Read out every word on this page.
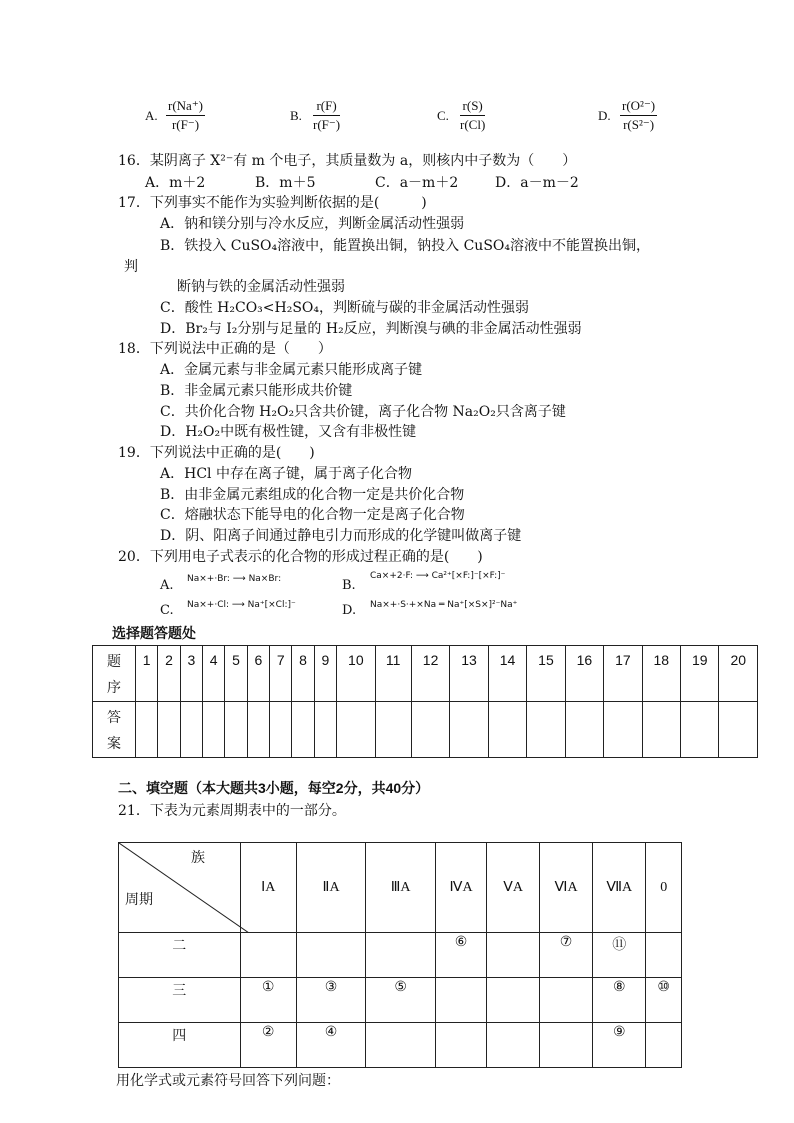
A. $\frac{r(Na^+)}{r(F^-)}$	B. $\frac{r(F)}{r(F^-)}$	C. $\frac{r(S)}{r(Cl)}$	D. $\frac{\text{r(O²⁻)}}{\text{r(S²⁻)}}$
16．某阴离子 X²⁻有 m 个电子，其质量数为 a，则核内中子数为（　　）
A．m＋2	B．m＋5	C．a－m＋2	D．a－m－2
17．下列事实不能作为实验判断依据的是(　　　)
A．钠和镁分别与冷水反应，判断金属活动性强弱
B．铁投入 CuSO₄溶液中，能置换出铜，钠投入 CuSO₄溶液中不能置换出铜，
判
断钠与铁的金属活动性强弱
C．酸性 H₂CO₃<H₂SO₄，判断硫与碳的非金属活动性强弱
D．Br₂与 I₂分别与足量的 H₂反应，判断溴与碘的非金属活动性强弱
18．下列说法中正确的是（　　）
A．金属元素与非金属元素只能形成离子键
B．非金属元素只能形成共价键
C．共价化合物 H₂O₂只含共价键，离子化合物 Na₂O₂只含离子键
D．H₂O₂中既有极性键，又含有非极性键
19．下列说法中正确的是(　　)
A．HCl 中存在离子键，属于离子化合物
B．由非金属元素组成的化合物一定是共价化合物
C．熔融状态下能导电的化合物一定是离子化合物
D．阴、阳离子间通过静电引力而形成的化学键叫做离子键
20．下列用电子式表示的化合物的形成过程正确的是(　　)
A. Na×+·Br: ⟶ Na×Br:	B.
Ca×+2·F: ⟶ Ca²⁺[×F:]⁻[×F:]⁻
C. Na×+·Cl: ⟶ Na⁺[×Cl:]⁻	D. Na×+·S·+×Na ═ Na⁺[×S×]²⁻Na⁺
选择题答题处
题
序	1	2	3	4	5	6	7	8	9	10	11	12	13	14	15	16	17	18	19	20
答
案																				
二、填空题（本大题共3小题，每空2分，共40分）
21．下表为元素周期表中的一部分。
族
周期	ⅠA	ⅡA	ⅢA	ⅣA	ⅤA	ⅥA	ⅦA	0
二				⑥		⑦	⑪	
三	①	③	⑤				⑧	⑩
四	②	④					⑨	
用化学式或元素符号回答下列问题：
